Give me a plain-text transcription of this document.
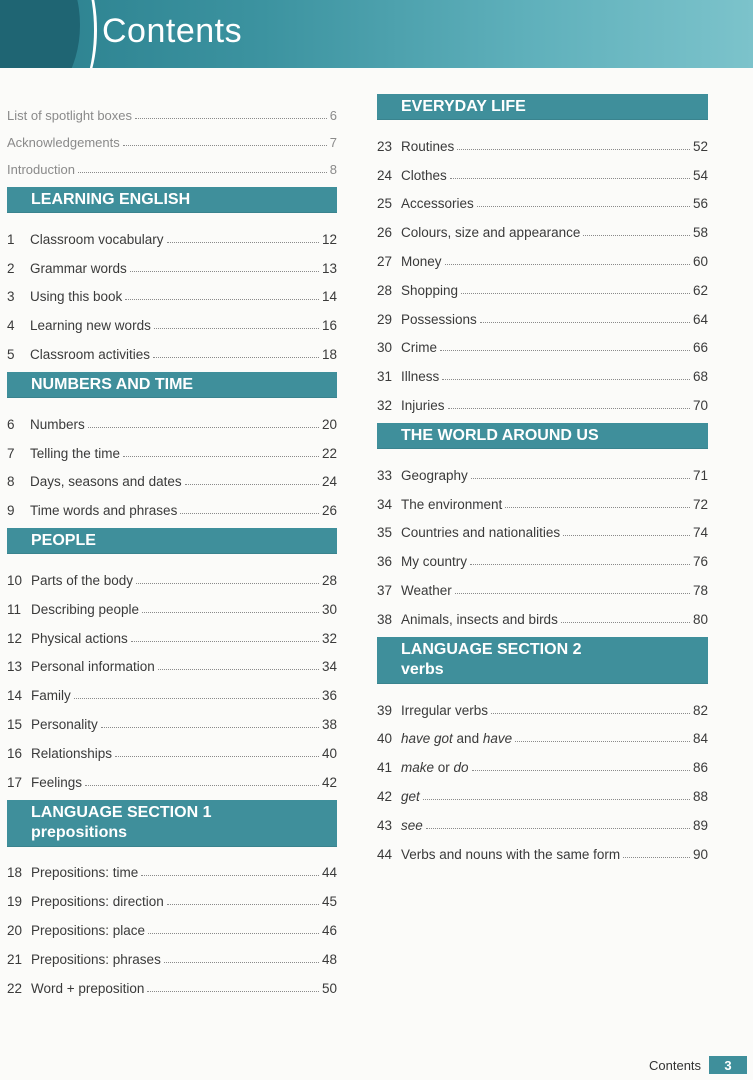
Contents
List of spotlight boxes	6
Acknowledgements	7
Introduction	8
LEARNING ENGLISH
1	Classroom vocabulary	12
2	Grammar words	13
3	Using this book	14
4	Learning new words	16
5	Classroom activities	18
NUMBERS AND TIME
6	Numbers	20
7	Telling the time	22
8	Days, seasons and dates	24
9	Time words and phrases	26
PEOPLE
10 Parts of the body	28
11 Describing people	30
12 Physical actions	32
13 Personal information	34
14 Family	36
15 Personality	38
16 Relationships	40
17 Feelings	42
LANGUAGE SECTION 1
prepositions
18 Prepositions: time	44
19 Prepositions: direction	45
20 Prepositions: place	46
21 Prepositions: phrases	48
22 Word + preposition	50
EVERYDAY LIFE
23 Routines	52
24 Clothes	54
25 Accessories	56
26 Colours, size and appearance	58
27 Money	60
28 Shopping	62
29 Possessions	64
30 Crime	66
31 Illness	68
32 Injuries	70
THE WORLD AROUND US
33 Geography	71
34 The environment	72
35 Countries and nationalities	74
36 My country	76
37 Weather	78
38 Animals, insects and birds	80
LANGUAGE SECTION 2
verbs
39 Irregular verbs	82
40 have got and have	84
41 make or do	86
42 get	88
43 see	89
44 Verbs and nouns with the same form	90
Contents	3
